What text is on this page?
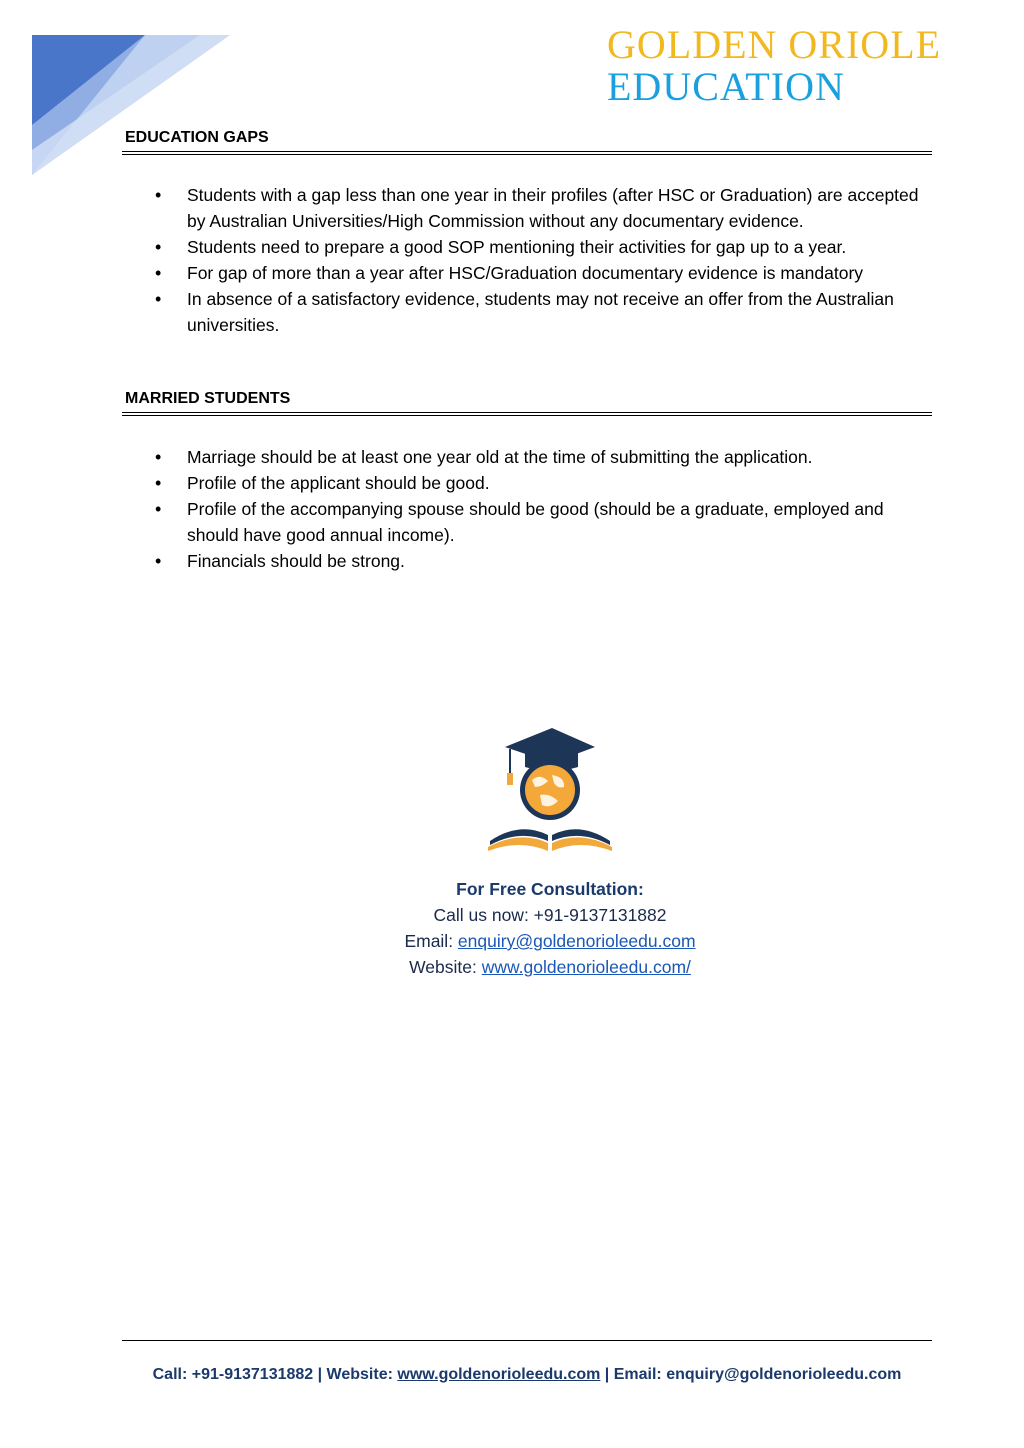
GOLDEN ORIOLE
EDUCATION
EDUCATION GAPS
• Students with a gap less than one year in their profiles (after HSC or Graduation) are accepted by Australian Universities/High Commission without any documentary evidence.
• Students need to prepare a good SOP mentioning their activities for gap up to a year.
• For gap of more than a year after HSC/Graduation documentary evidence is mandatory
• In absence of a satisfactory evidence, students may not receive an offer from the Australian universities.
MARRIED STUDENTS
• Marriage should be at least one year old at the time of submitting the application.
• Profile of the applicant should be good.
• Profile of the accompanying spouse should be good (should be a graduate, employed and should have good annual income).
• Financials should be strong.
For Free Consultation:
Call us now: +91-9137131882
Email: enquiry@goldenorioleedu.com
Website: www.goldenorioleedu.com/
Call: +91-9137131882 | Website: www.goldenorioleedu.com | Email: enquiry@goldenorioleedu.com
